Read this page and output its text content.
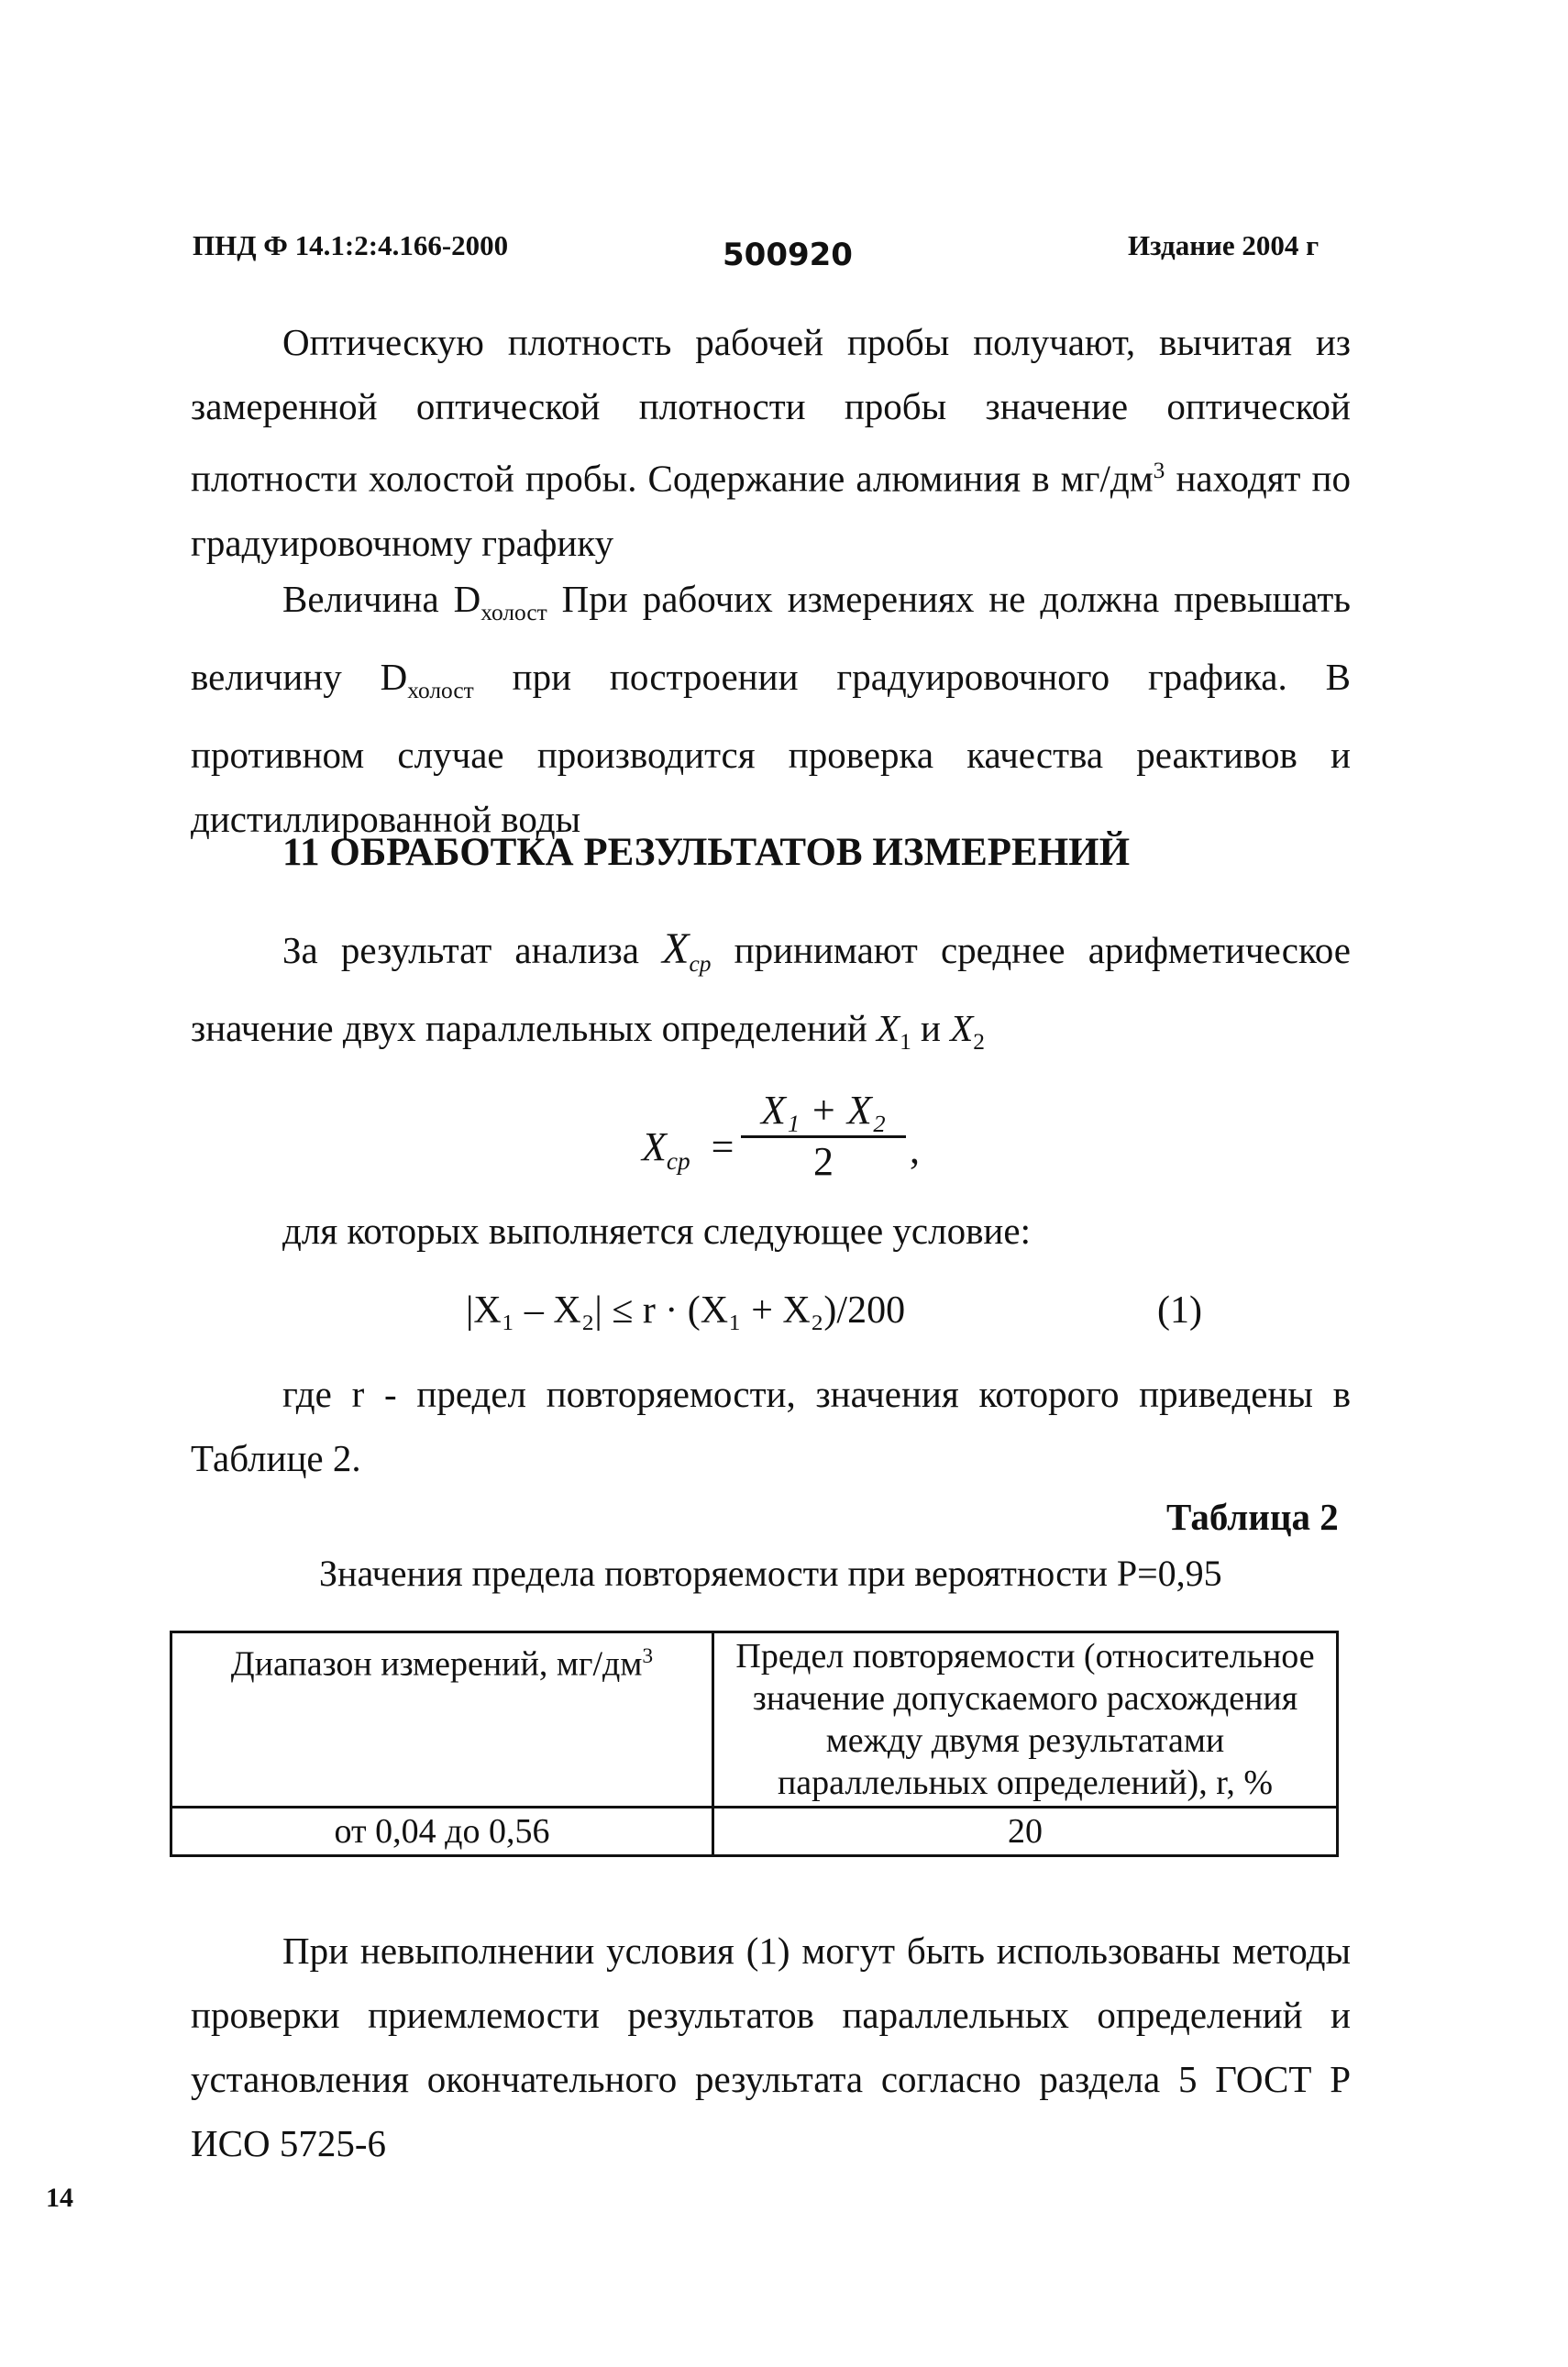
ПНД Ф 14.1:2:4.166-2000	500920	Издание 2004 г
Оптическую плотность рабочей пробы получают, вычитая из замеренной оптической плотности пробы значение оптической плотности холостой пробы. Содержание алюминия в $мг/дм^3$ находят по градуировочному графику
Величина $D_{холост}$ При рабочих измерениях не должна превышать величину $D_{холост}$ при построении градуировочного графика. В противном случае производится проверка качества реактивов и дистиллированной воды
11 ОБРАБОТКА РЕЗУЛЬТАТОВ ИЗМЕРЕНИЙ
За результат анализа $X_{ср}$ принимают среднее арифметическое значение двух параллельных определений $X_1$ и $X_2$
$X_{ср} = \frac{\text{X₁ + X₂}}{2}$ ,
для которых выполняется следующее условие:
|X₁ – X₂| ≤ r · (X₁ + X₂)/200	(1)
где r - предел повторяемости, значения которого приведены в Таблице 2.
Таблица 2
Значения предела повторяемости при вероятности Р=0,95
Диапазон измерений, $мг/дм^3$	Предел повторяемости (относительное значение допускаемого расхождения между двумя результатами параллельных определений), r, %
от 0,04 до 0,56	20
При невыполнении условия (1) могут быть использованы методы проверки приемлемости результатов параллельных определений и установления окончательного результата согласно раздела 5 ГОСТ Р ИСО 5725-6
14
